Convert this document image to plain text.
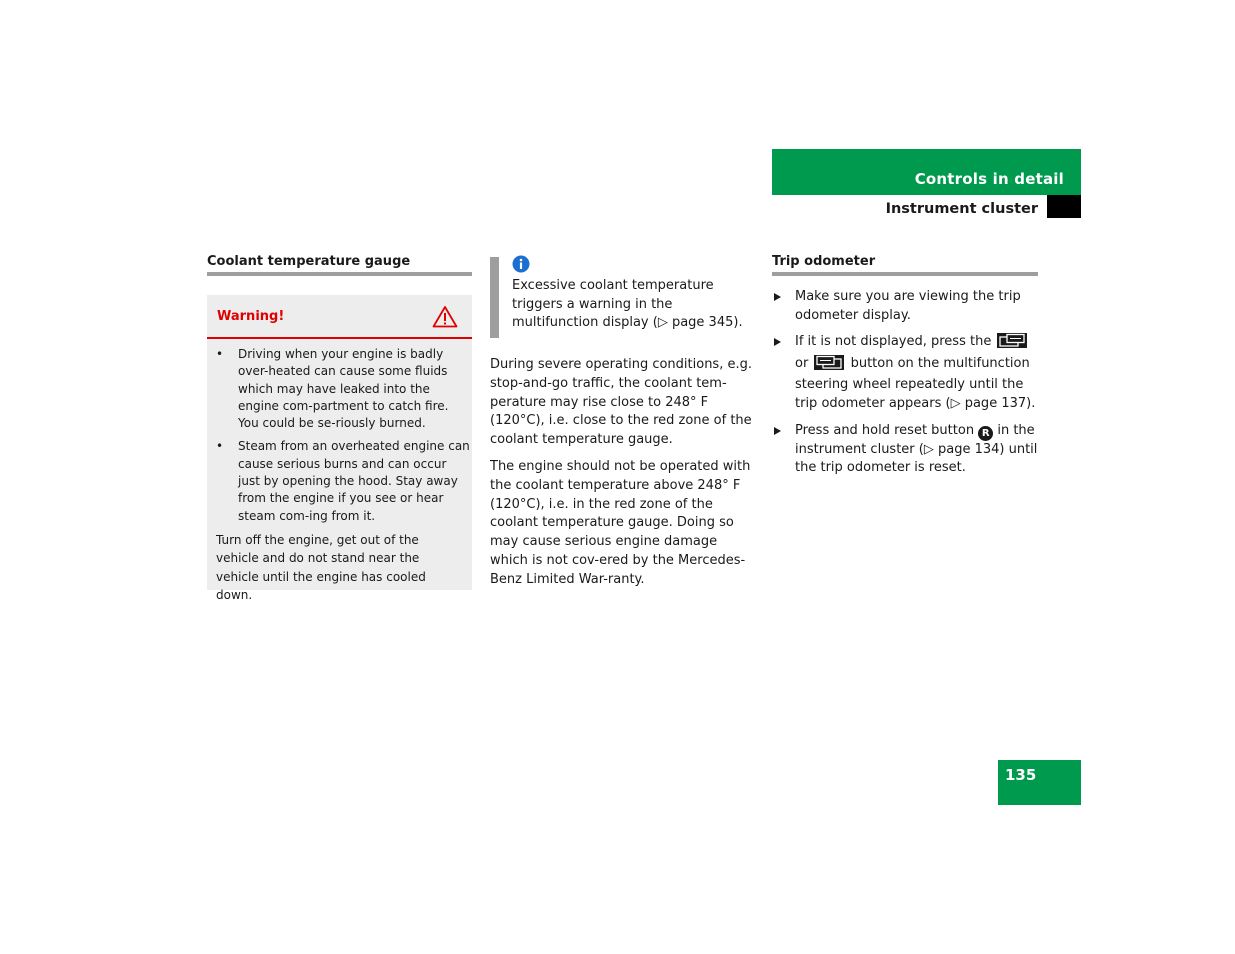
Controls in detail
Instrument cluster
Coolant temperature gauge
Warning!
• Driving when your engine is badly over-heated can cause some fluids which may have leaked into the engine com-partment to catch fire. You could be se-riously burned.
• Steam from an overheated engine can cause serious burns and can occur just by opening the hood. Stay away from the engine if you see or hear steam com-ing from it.
Turn off the engine, get out of the vehicle and do not stand near the vehicle until the engine has cooled down.
Excessive coolant temperature triggers a warning in the multifunction display (▷ page 345).

During severe operating conditions, e.g. stop-and-go traffic, the coolant tem-perature may rise close to 248° F (120°C), i.e. close to the red zone of the coolant temperature gauge.

The engine should not be operated with the coolant temperature above 248° F (120°C), i.e. in the red zone of the coolant temperature gauge. Doing so may cause serious engine damage which is not cov-ered by the Mercedes-Benz Limited War-ranty.

Trip odometer
Make sure you are viewing the trip odometer display.
If it is not displayed, press the  or	button on the multifunction steering wheel repeatedly until the trip odometer appears (▷ page 137).
Press and hold reset button R in the instrument cluster (▷ page 134) until the trip odometer is reset.
135
